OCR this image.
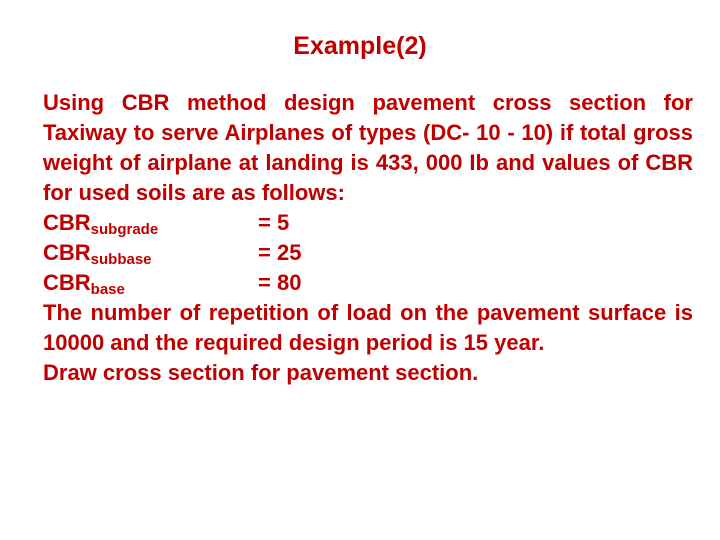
Example(2)

Using CBR method design pavement cross section for Taxiway to serve Airplanes of types (DC- 10 - 10) if total gross weight of airplane at landing is 433, 000 Ib and values of CBR for used soils are as follows:

CBRsubgrade	= 5
CBRsubbase	= 25
CBRbase	= 80

The number of repetition of load on the pavement surface is 10000 and the required design period is 15 year.

Draw cross section for pavement section.
